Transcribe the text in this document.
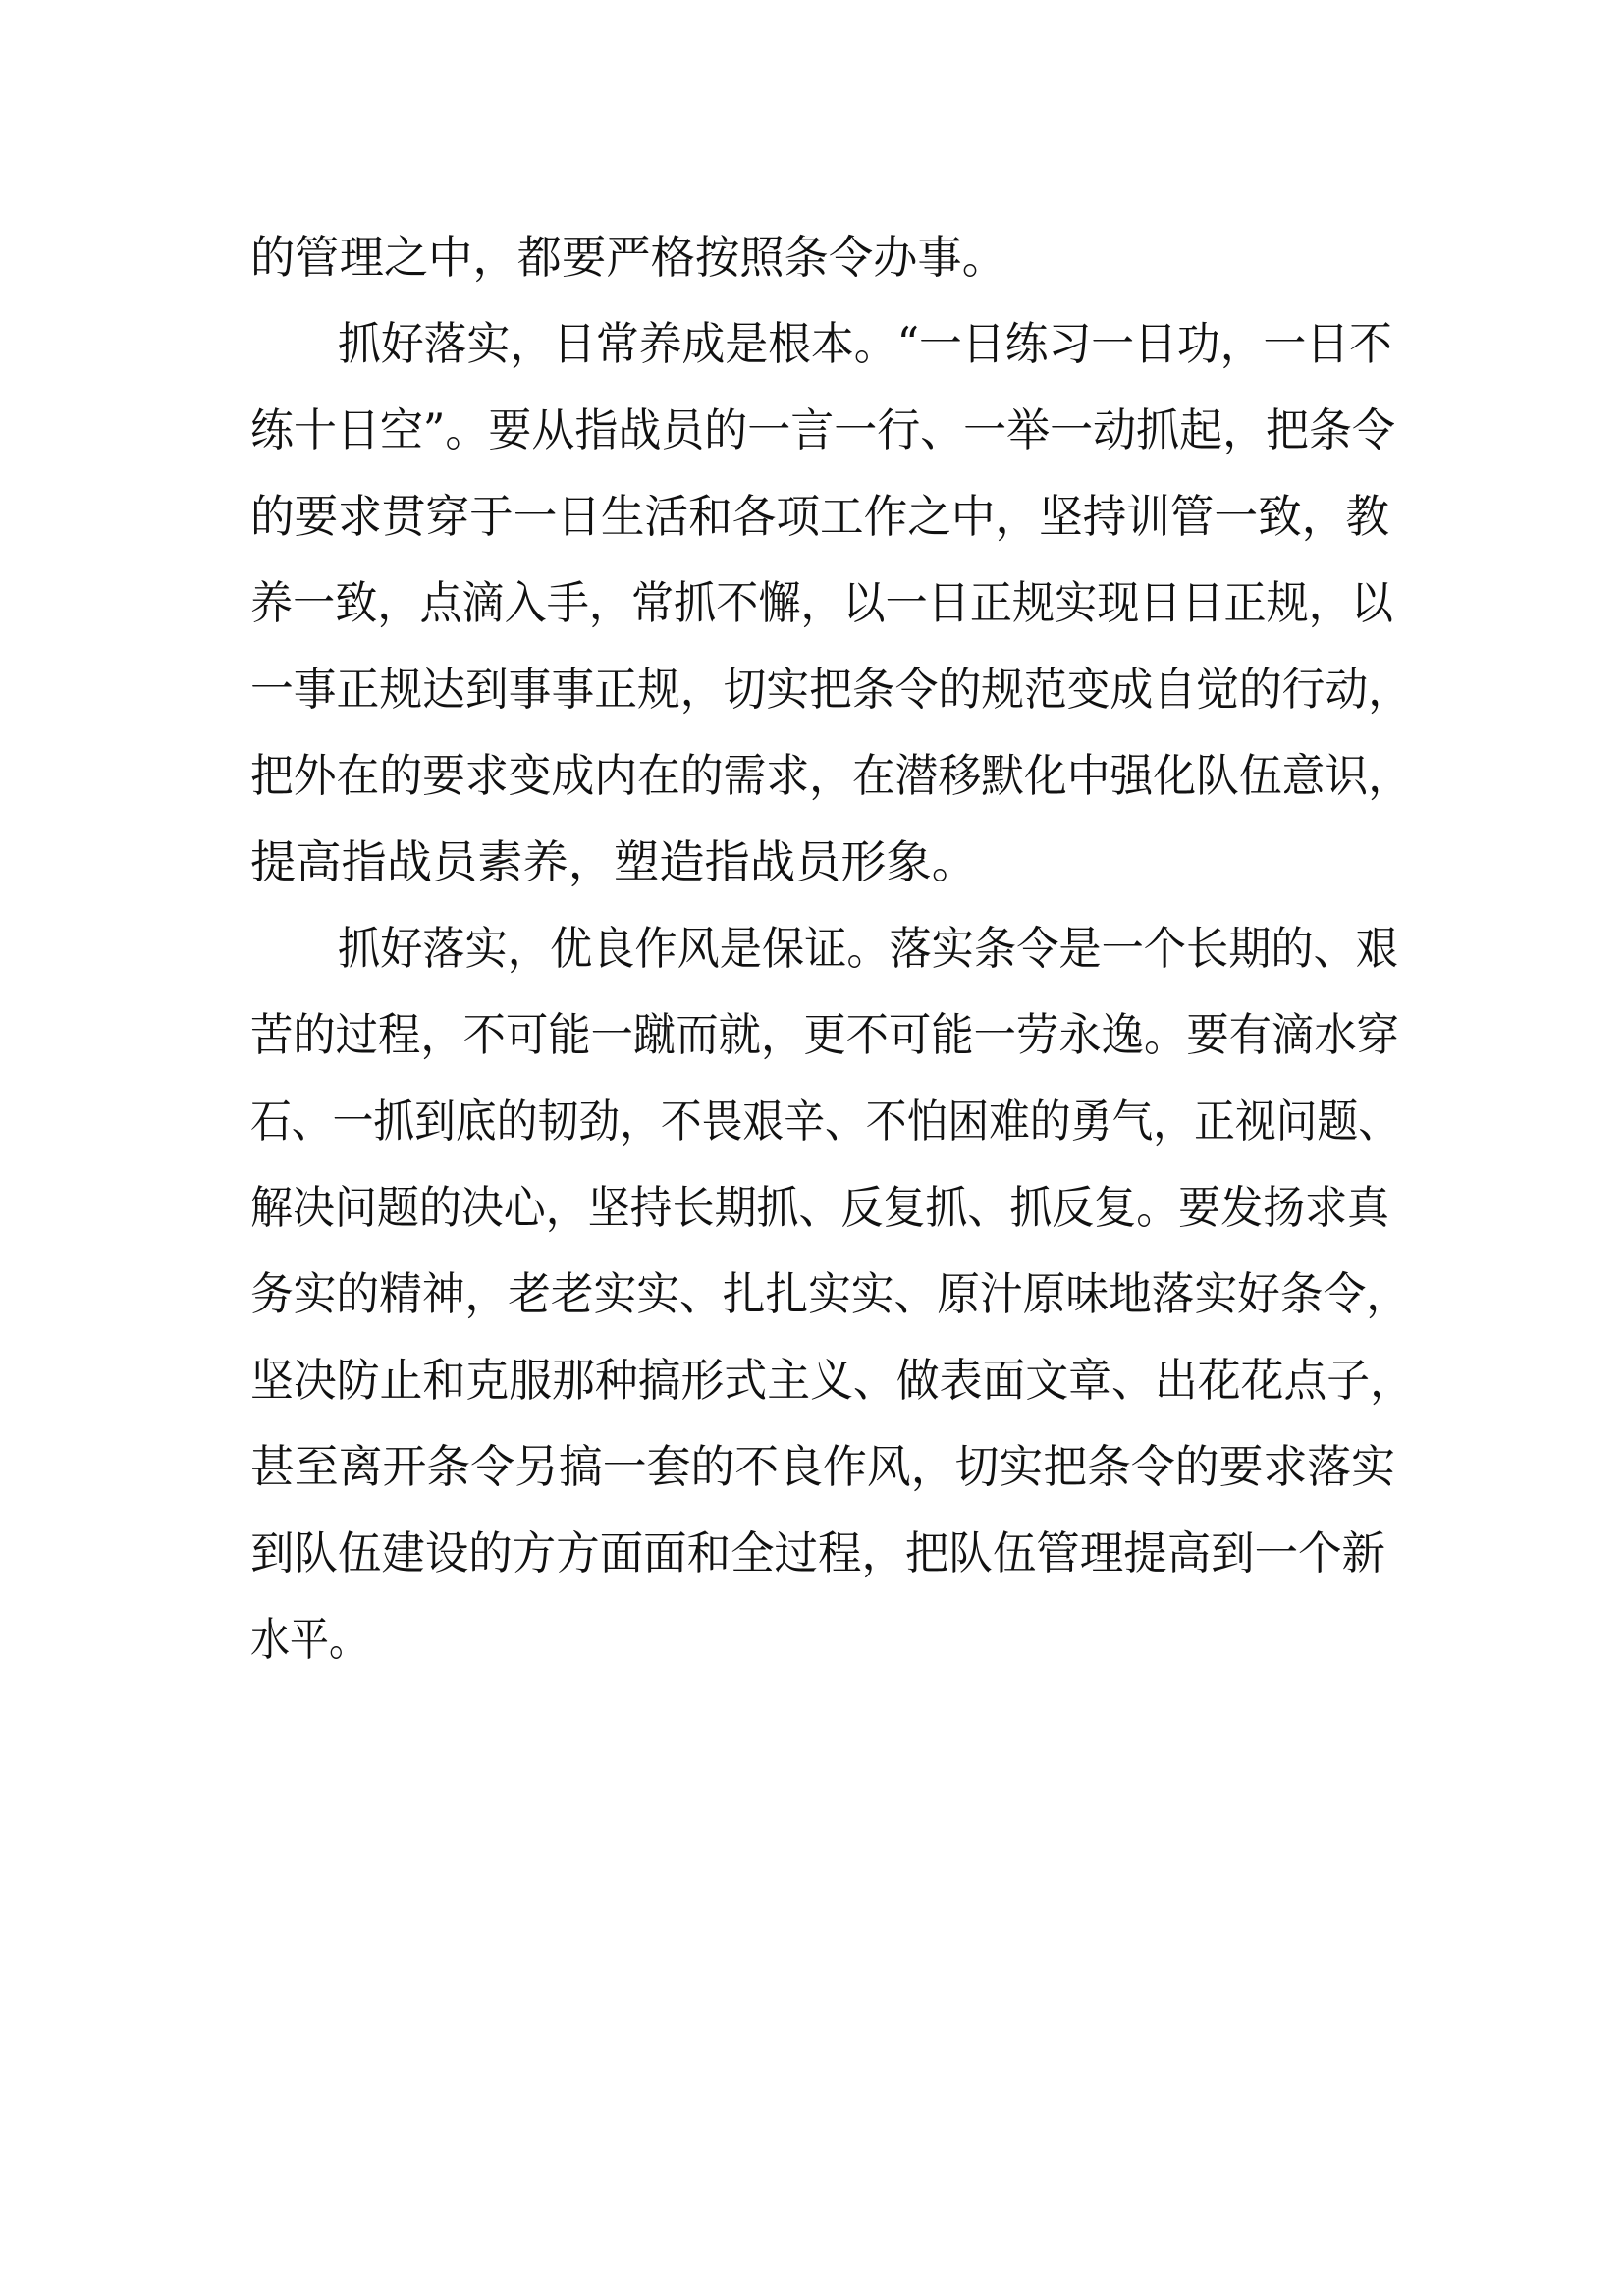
的管理之中，都要严格按照条令办事。
抓好落实，日常养成是根本。“一日练习一日功，一日不
练十日空”。要从指战员的一言一行、一举一动抓起，把条令
的要求贯穿于一日生活和各项工作之中，坚持训管一致，教
养一致，点滴入手，常抓不懈，以一日正规实现日日正规，以
一事正规达到事事正规，切实把条令的规范变成自觉的行动，
把外在的要求变成内在的需求，在潜移默化中强化队伍意识，
提高指战员素养，塑造指战员形象。
抓好落实，优良作风是保证。落实条令是一个长期的、艰
苦的过程，不可能一蹴而就，更不可能一劳永逸。要有滴水穿
石、一抓到底的韧劲，不畏艰辛、不怕困难的勇气，正视问题、
解决问题的决心，坚持长期抓、反复抓、抓反复。要发扬求真
务实的精神，老老实实、扎扎实实、原汁原味地落实好条令，
坚决防止和克服那种搞形式主义、做表面文章、出花花点子，
甚至离开条令另搞一套的不良作风，切实把条令的要求落实
到队伍建设的方方面面和全过程，把队伍管理提高到一个新
水平。
